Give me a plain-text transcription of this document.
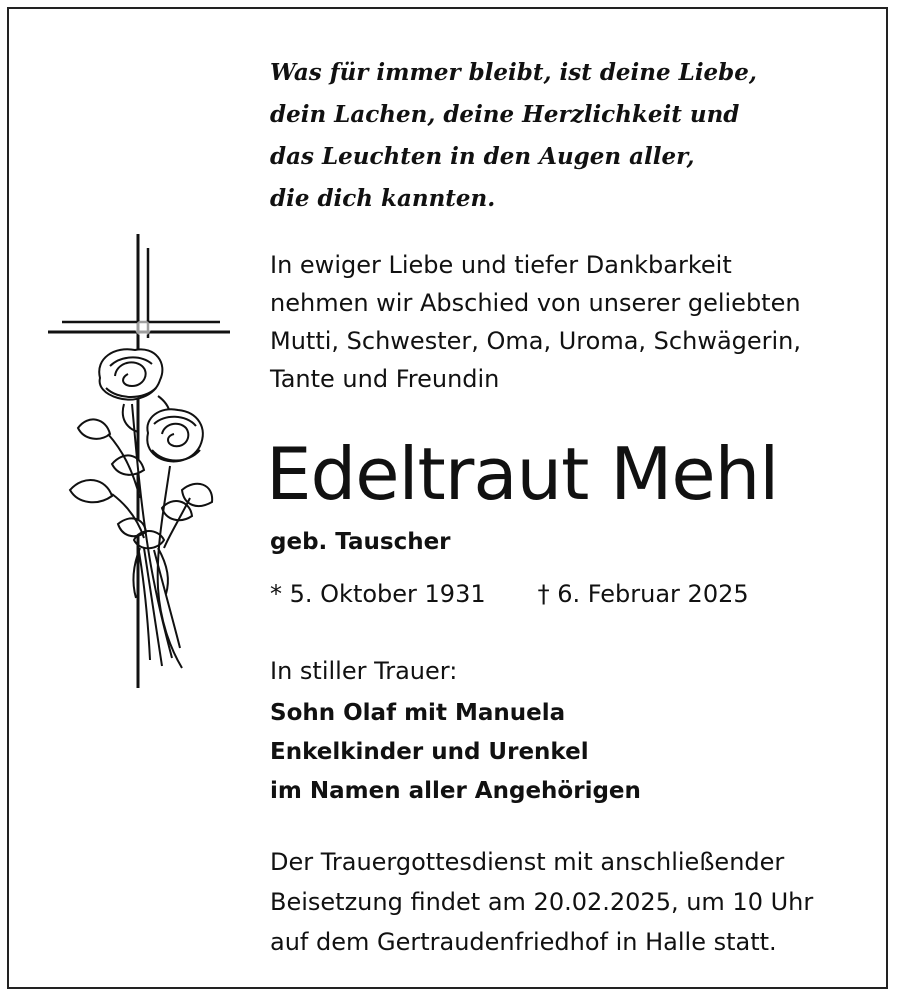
Was für immer bleibt, ist deine Liebe,
dein Lachen, deine Herzlichkeit und
das Leuchten in den Augen aller,
die dich kannten.
In ewiger Liebe und tiefer Dankbarkeit
nehmen wir Abschied von unserer geliebten
Mutti, Schwester, Oma, Uroma, Schwägerin,
Tante und Freundin
Edeltraut Mehl
geb. Tauscher
* 5. Oktober 1931 † 6. Februar 2025
In stiller Trauer:
Sohn Olaf mit Manuela
Enkelkinder und Urenkel
im Namen aller Angehörigen
Der Trauergottesdienst mit anschließender
Beisetzung findet am 20.02.2025, um 10 Uhr
auf dem Gertraudenfriedhof in Halle statt.
